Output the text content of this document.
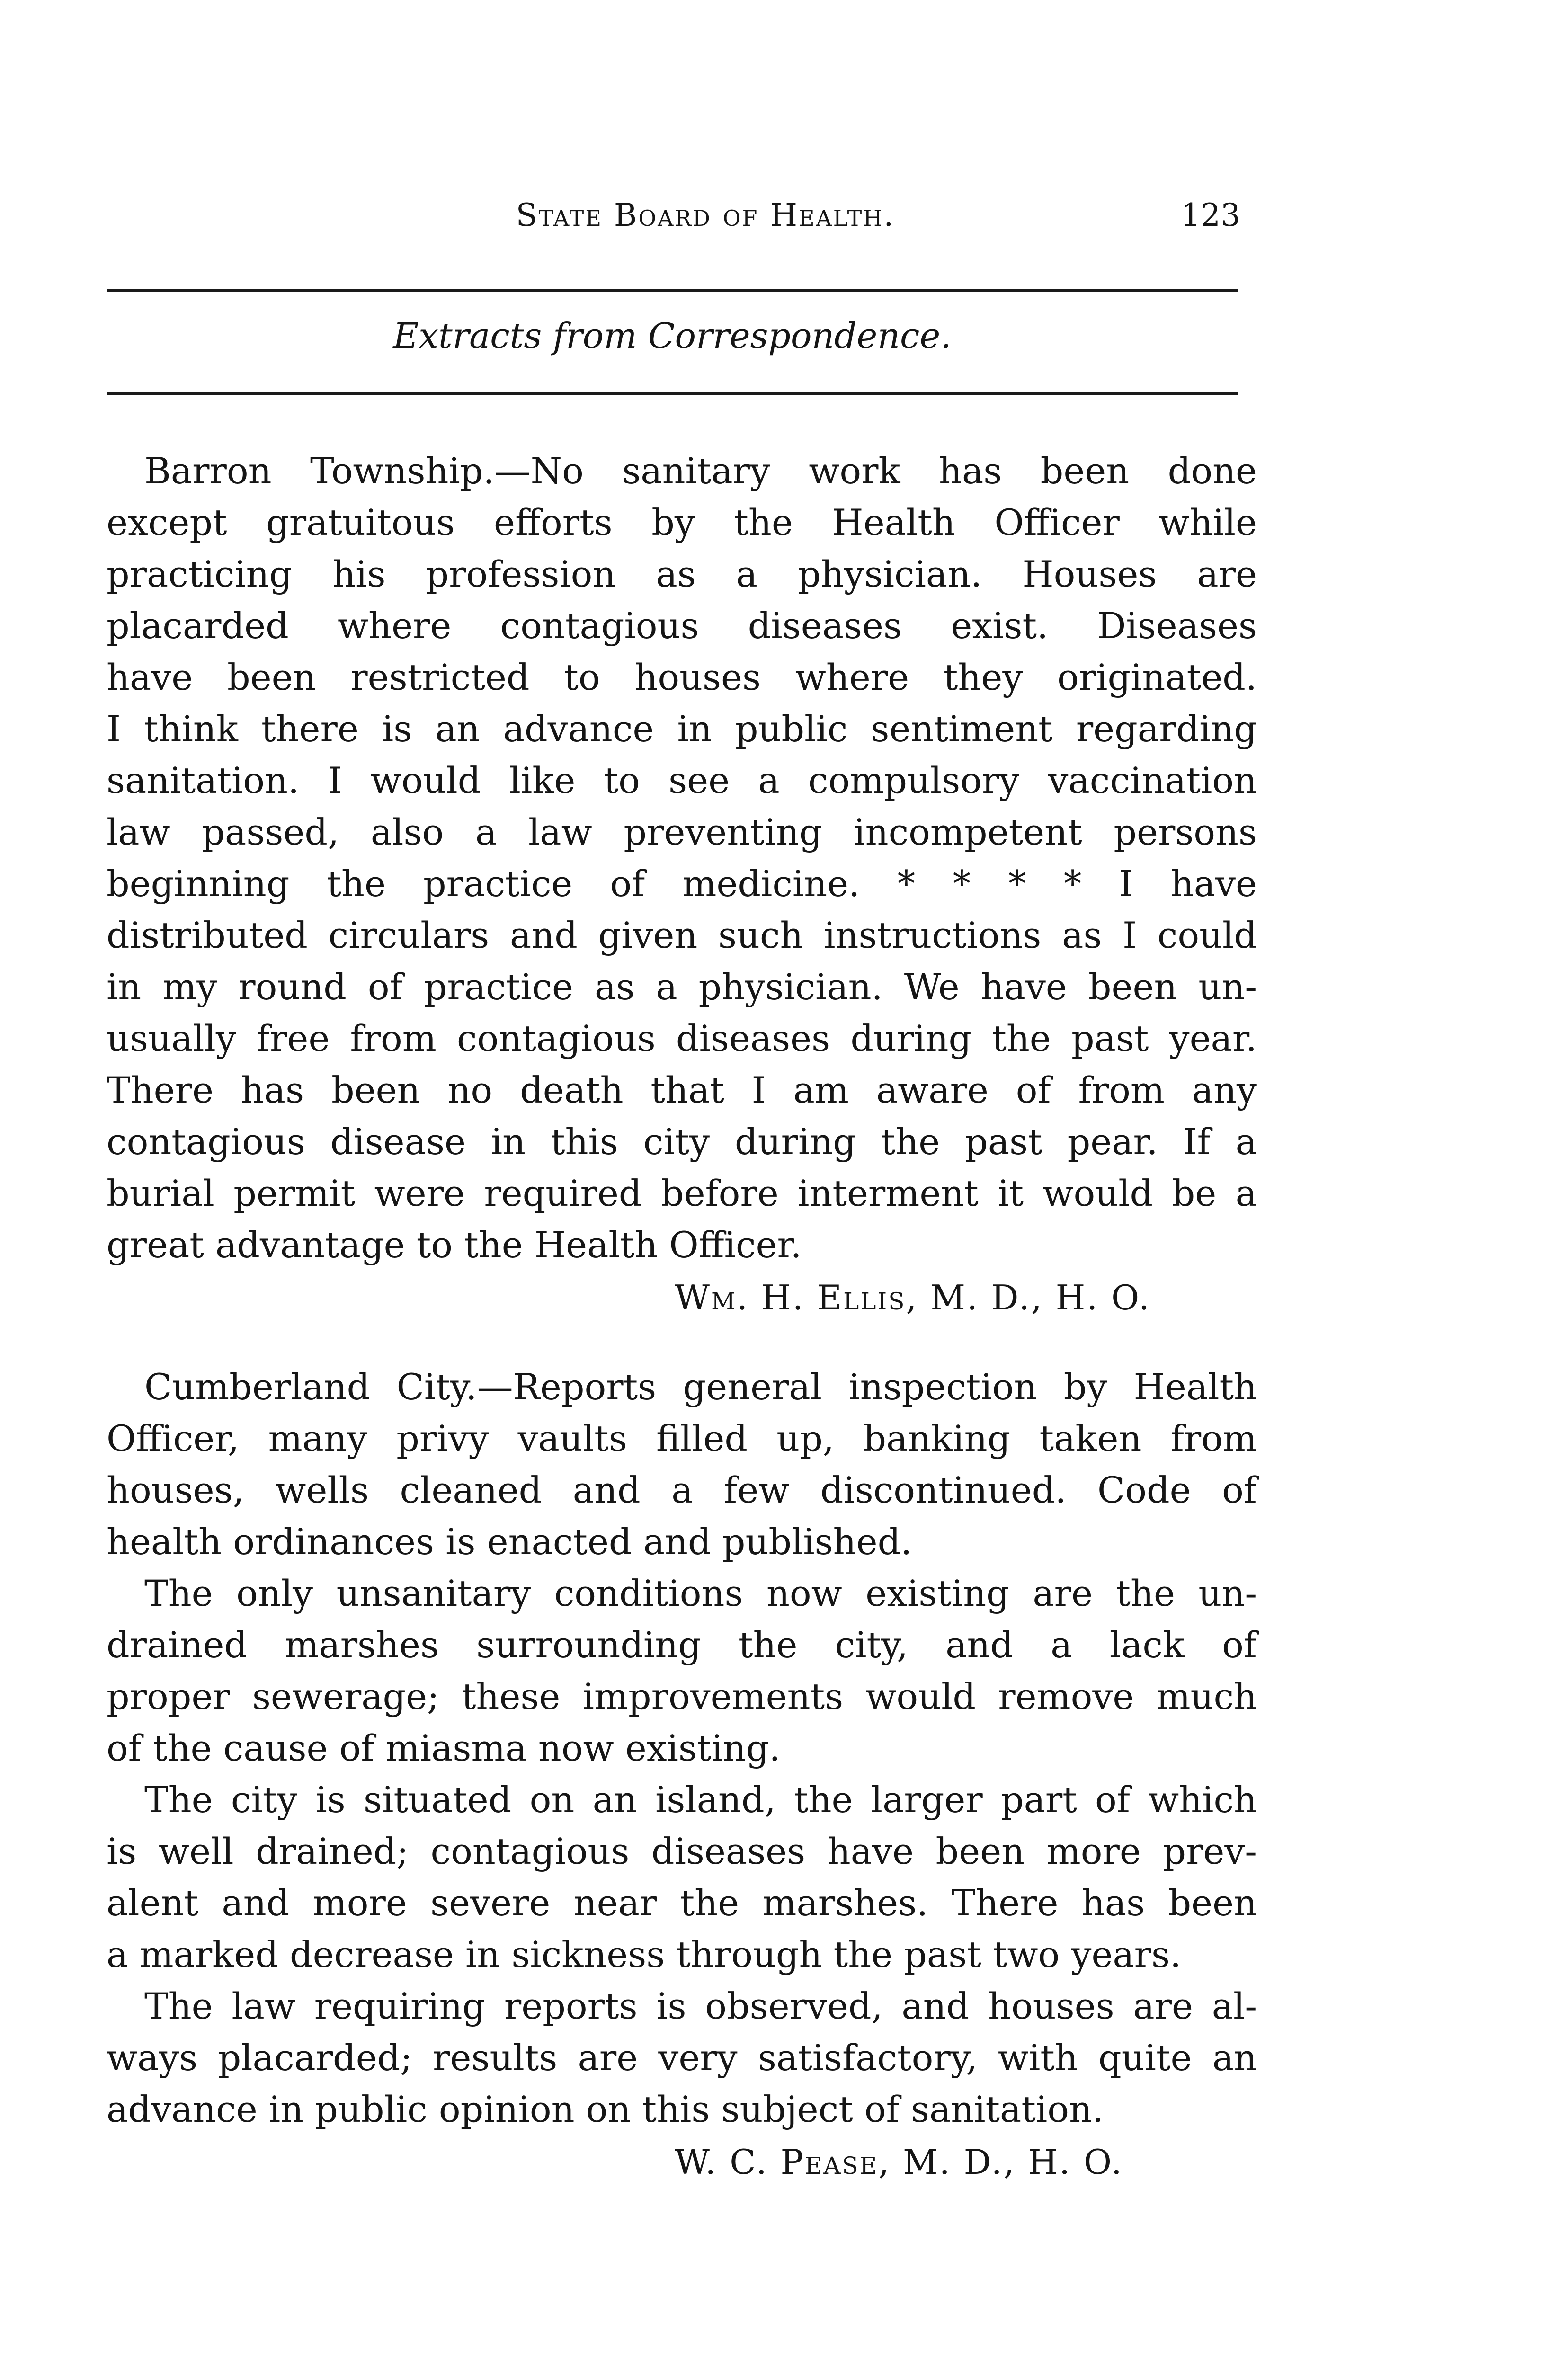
State Board of Health.	123
Extracts from Correspondence.
Barron Township.—No sanitary work has been done
except gratuitous efforts by the Health Officer while
practicing his profession as a physician. Houses are
placarded where contagious diseases exist. Diseases
have been restricted to houses where they originated.
I think there is an advance in public sentiment regarding
sanitation. I would like to see a compulsory vaccination
law passed, also a law preventing incompetent persons
beginning the practice of medicine. * * * * I have
distributed circulars and given such instructions as I could
in my round of practice as a physician. We have been un-
usually free from contagious diseases during the past year.
There has been no death that I am aware of from any
contagious disease in this city during the past pear. If a
burial permit were required before interment it would be a
great advantage to the Health Officer.
Wm. H. Ellis, M. D., H. O.
Cumberland City.—Reports general inspection by Health
Officer, many privy vaults filled up, banking taken from
houses, wells cleaned and a few discontinued. Code of
health ordinances is enacted and published.
The only unsanitary conditions now existing are the un-
drained marshes surrounding the city, and a lack of
proper sewerage; these improvements would remove much
of the cause of miasma now existing.
The city is situated on an island, the larger part of which
is well drained; contagious diseases have been more prev-
alent and more severe near the marshes. There has been
a marked decrease in sickness through the past two years.
The law requiring reports is observed, and houses are al-
ways placarded; results are very satisfactory, with quite an
advance in public opinion on this subject of sanitation.
W. C. Pease, M. D., H. O.
